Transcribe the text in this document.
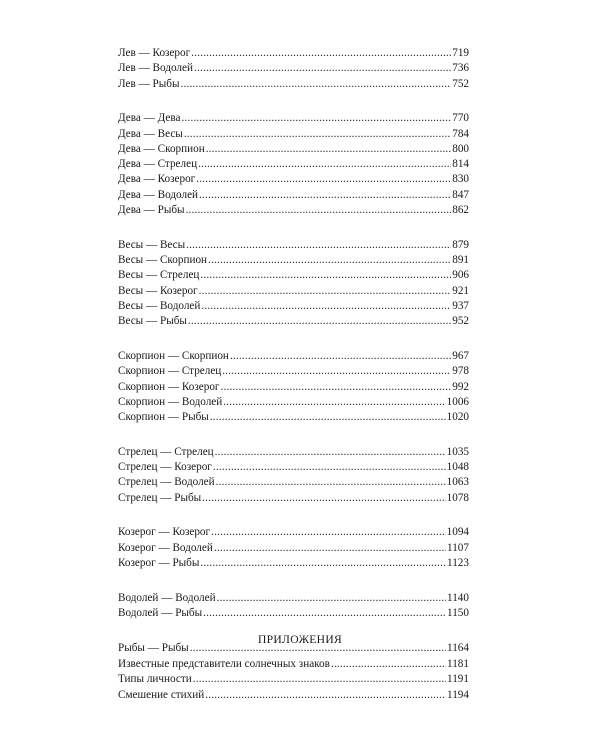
Лев — Козерог .....	719
Лев — Водолей .....	736
Лев — Рыбы .....	752
Дева — Дева .....	770
Дева — Весы .....	784
Дева — Скорпион .....	800
Дева — Стрелец .....	814
Дева — Козерог .....	830
Дева — Водолей .....	847
Дева — Рыбы .....	862
Весы — Весы .....	879
Весы — Скорпион .....	891
Весы — Стрелец .....	906
Весы — Козерог .....	921
Весы — Водолей .....	937
Весы — Рыбы .....	952
Скорпион — Скорпион .....	967
Скорпион — Стрелец .....	978
Скорпион — Козерог .....	992
Скорпион — Водолей .....	1006
Скорпион — Рыбы .....	1020
Стрелец — Стрелец .....	1035
Стрелец — Козерог .....	1048
Стрелец — Водолей .....	1063
Стрелец — Рыбы .....	1078
Козерог — Козерог .....	1094
Козерог — Водолей .....	1107
Козерог — Рыбы .....	1123
Водолей — Водолей .....	1140
Водолей — Рыбы .....	1150
Рыбы — Рыбы .....	1164
ПРИЛОЖЕНИЯ
Известные представители солнечных знаков .....	1181
Типы личности .....	1191
Смешение стихий .....	1194
